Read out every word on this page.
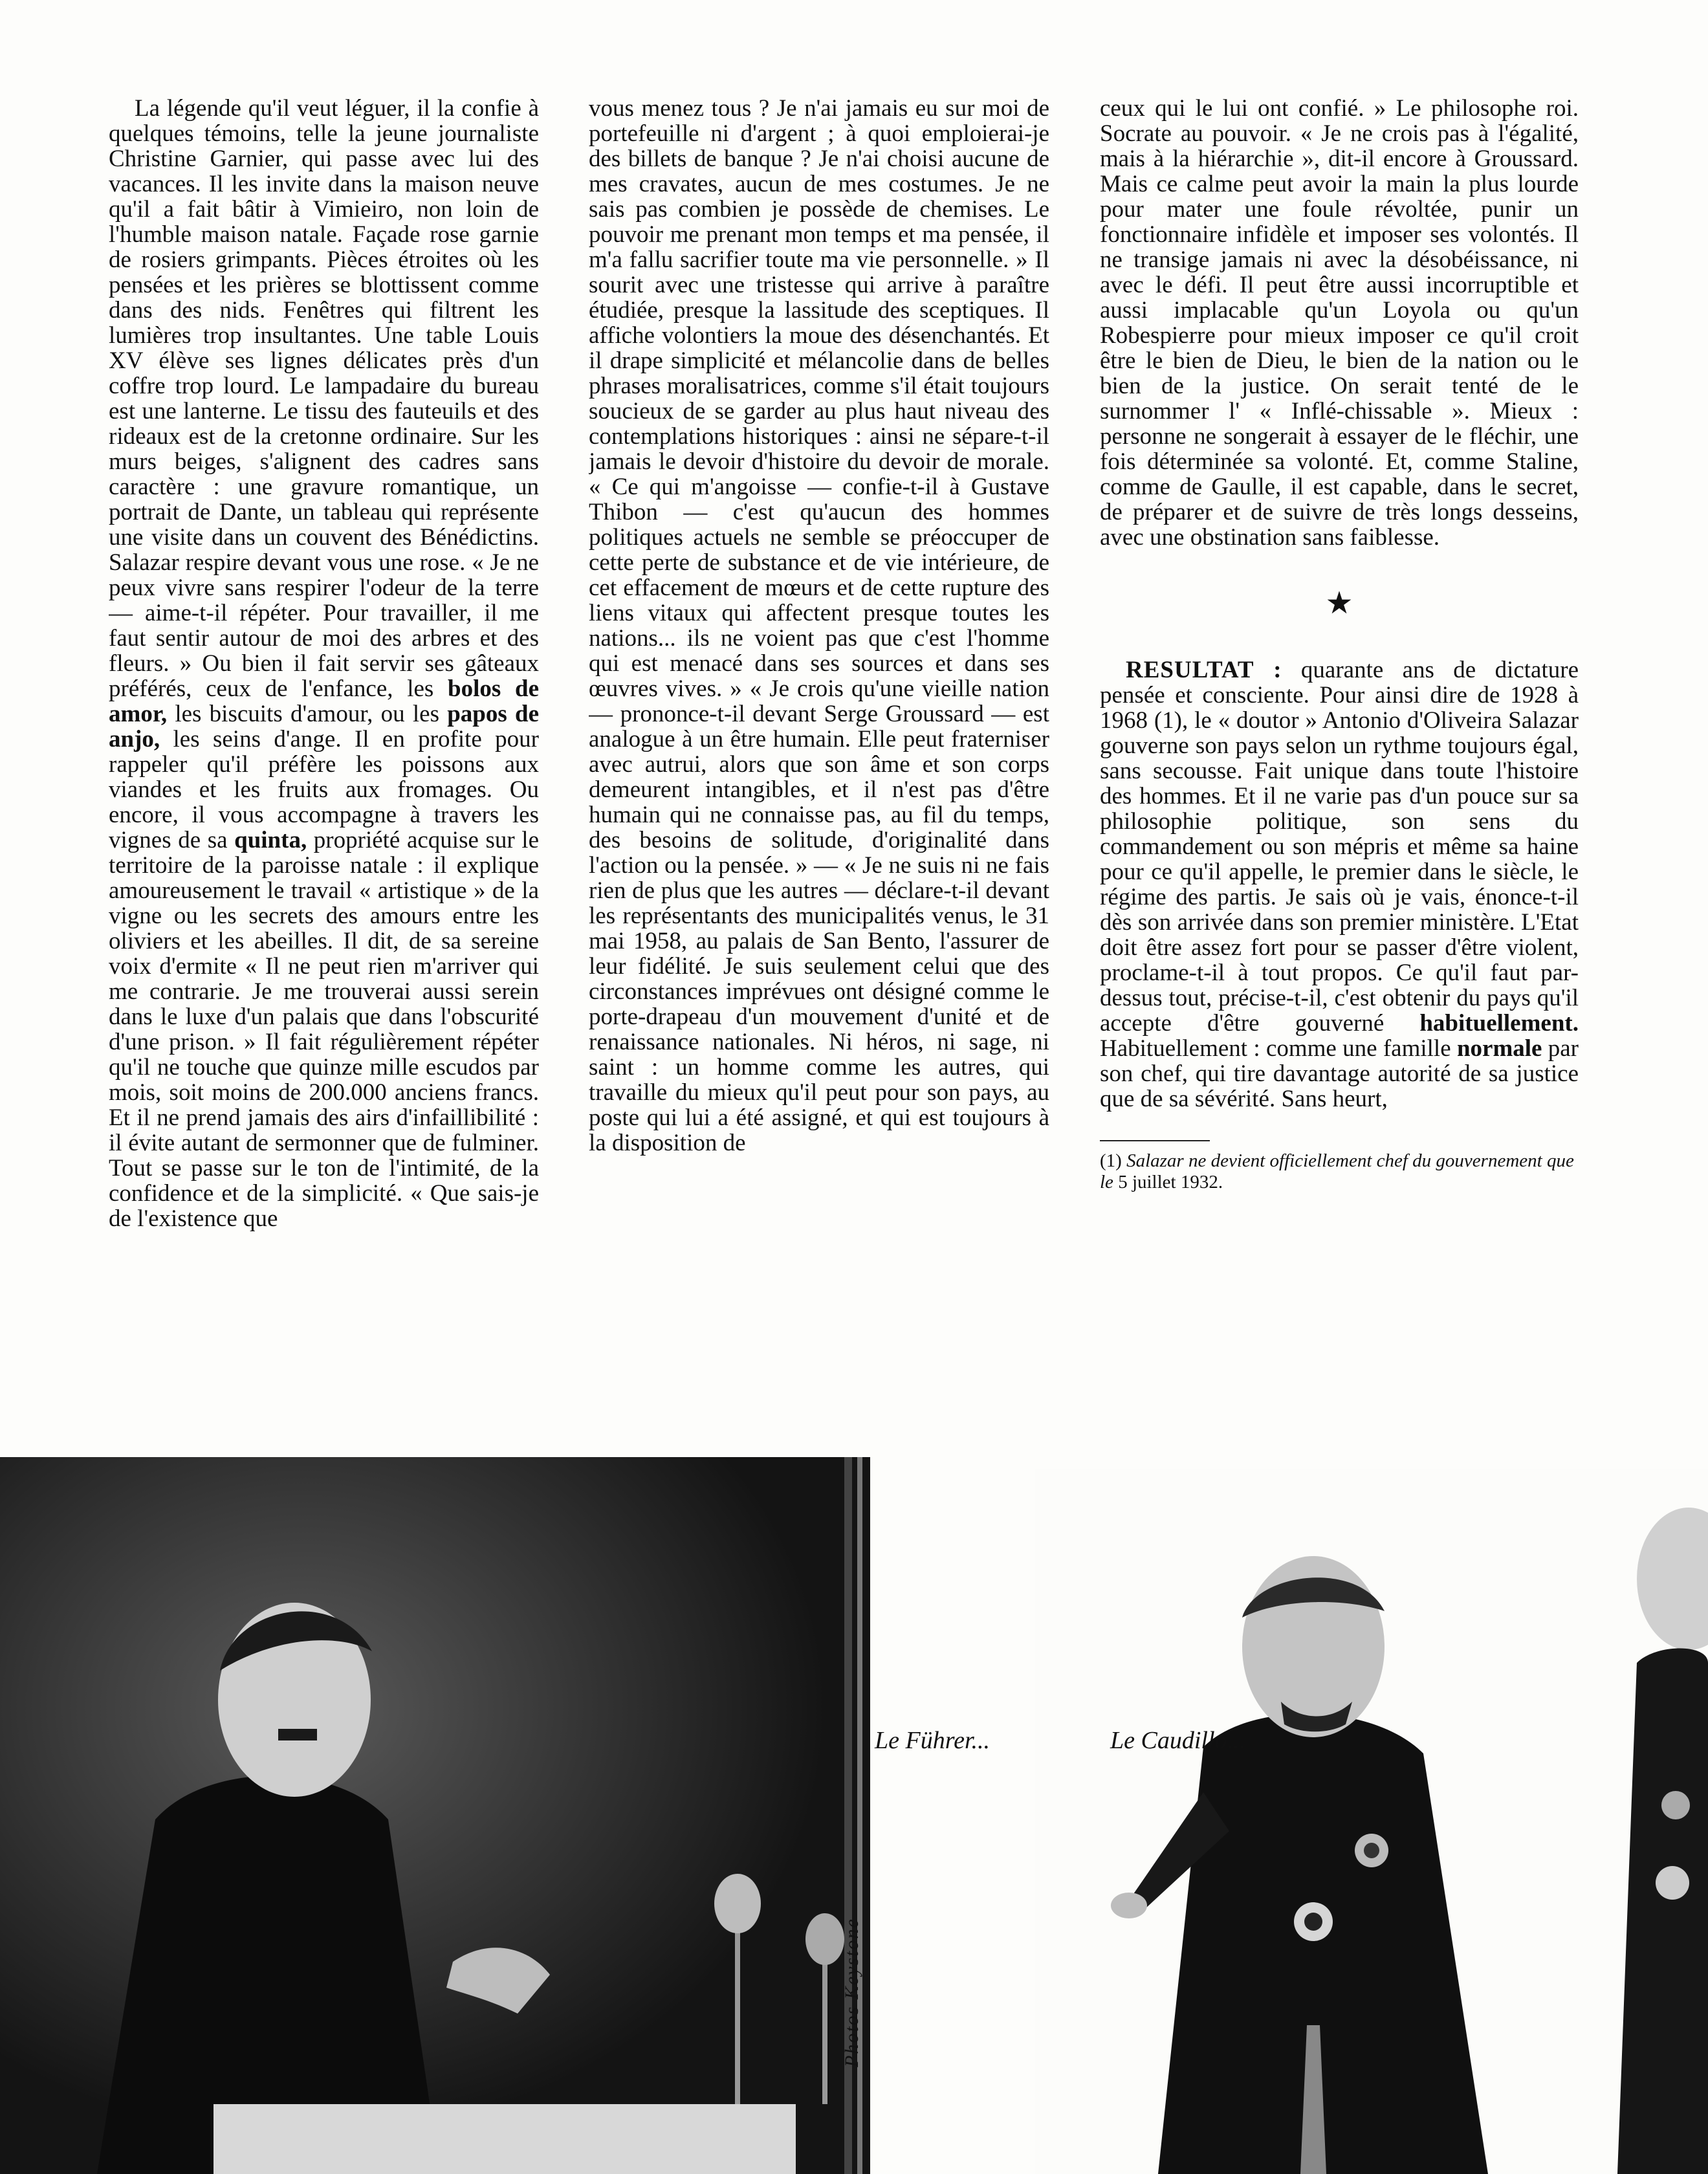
La légende qu'il veut léguer, il la confie à quelques témoins, telle la jeune journaliste Christine Garnier, qui passe avec lui des vacances. Il les invite dans la maison neuve qu'il a fait bâtir à Vimieiro, non loin de l'humble maison natale. Façade rose garnie de rosiers grimpants. Pièces étroites où les pensées et les prières se blottissent comme dans des nids. Fenêtres qui filtrent les lumières trop insultantes. Une table Louis XV élève ses lignes délicates près d'un coffre trop lourd. Le lampadaire du bureau est une lanterne. Le tissu des fauteuils et des rideaux est de la cretonne ordinaire. Sur les murs beiges, s'alignent des cadres sans caractère : une gravure romantique, un portrait de Dante, un tableau qui représente une visite dans un couvent des Bénédictins. Salazar respire devant vous une rose. « Je ne peux vivre sans respirer l'odeur de la terre — aime-t-il répéter. Pour travailler, il me faut sentir autour de moi des arbres et des fleurs. » Ou bien il fait servir ses gâteaux préférés, ceux de l'enfance, les bolos de amor, les biscuits d'amour, ou les papos de anjo, les seins d'ange. Il en profite pour rappeler qu'il préfère les poissons aux viandes et les fruits aux fromages. Ou encore, il vous accompagne à travers les vignes de sa quinta, propriété acquise sur le territoire de la paroisse natale : il explique amoureusement le travail « artistique » de la vigne ou les secrets des amours entre les oliviers et les abeilles. Il dit, de sa sereine voix d'ermite « Il ne peut rien m'arriver qui me contrarie. Je me trouverai aussi serein dans le luxe d'un palais que dans l'obscurité d'une prison. » Il fait régulièrement répéter qu'il ne touche que quinze mille escudos par mois, soit moins de 200.000 anciens francs. Et il ne prend jamais des airs d'infaillibilité : il évite autant de sermonner que de fulminer. Tout se passe sur le ton de l'intimité, de la confidence et de la simplicité. « Que sais-je de l'existence que

vous menez tous ? Je n'ai jamais eu sur moi de portefeuille ni d'argent ; à quoi emploierai-je des billets de banque ? Je n'ai choisi aucune de mes cravates, aucun de mes costumes. Je ne sais pas combien je possède de chemises. Le pouvoir me prenant mon temps et ma pensée, il m'a fallu sacrifier toute ma vie personnelle. » Il sourit avec une tristesse qui arrive à paraître étudiée, presque la lassitude des sceptiques. Il affiche volontiers la moue des désenchantés. Et il drape simplicité et mélancolie dans de belles phrases moralisatrices, comme s'il était toujours soucieux de se garder au plus haut niveau des contemplations historiques : ainsi ne sépare-t-il jamais le devoir d'histoire du devoir de morale. « Ce qui m'angoisse — confie-t-il à Gustave Thibon — c'est qu'aucun des hommes politiques actuels ne semble se préoccuper de cette perte de substance et de vie intérieure, de cet effacement de mœurs et de cette rupture des liens vitaux qui affectent presque toutes les nations... ils ne voient pas que c'est l'homme qui est menacé dans ses sources et dans ses œuvres vives. » « Je crois qu'une vieille nation — prononce-t-il devant Serge Groussard — est analogue à un être humain. Elle peut fraterniser avec autrui, alors que son âme et son corps demeurent intangibles, et il n'est pas d'être humain qui ne connaisse pas, au fil du temps, des besoins de solitude, d'originalité dans l'action ou la pensée. » — « Je ne suis ni ne fais rien de plus que les autres — déclare-t-il devant les représentants des municipalités venus, le 31 mai 1958, au palais de San Bento, l'assurer de leur fidélité. Je suis seulement celui que des circonstances imprévues ont désigné comme le porte-drapeau d'un mouvement d'unité et de renaissance nationales. Ni héros, ni sage, ni saint : un homme comme les autres, qui travaille du mieux qu'il peut pour son pays, au poste qui lui a été assigné, et qui est toujours à la disposition de

ceux qui le lui ont confié. » Le philosophe roi. Socrate au pouvoir. « Je ne crois pas à l'égalité, mais à la hiérarchie », dit-il encore à Groussard. Mais ce calme peut avoir la main la plus lourde pour mater une foule révoltée, punir un fonctionnaire infidèle et imposer ses volontés. Il ne transige jamais ni avec la désobéissance, ni avec le défi. Il peut être aussi incorruptible et aussi implacable qu'un Loyola ou qu'un Robespierre pour mieux imposer ce qu'il croit être le bien de Dieu, le bien de la nation ou le bien de la justice. On serait tenté de le surnommer l' « Inflé-chissable ». Mieux : personne ne songerait à essayer de le fléchir, une fois déterminée sa volonté. Et, comme Staline, comme de Gaulle, il est capable, dans le secret, de préparer et de suivre de très longs desseins, avec une obstination sans faiblesse.

★

RESULTAT : quarante ans de dictature pensée et consciente. Pour ainsi dire de 1928 à 1968 (1), le « doutor » Antonio d'Oliveira Salazar gouverne son pays selon un rythme toujours égal, sans secousse. Fait unique dans toute l'histoire des hommes. Et il ne varie pas d'un pouce sur sa philosophie politique, son sens du commandement ou son mépris et même sa haine pour ce qu'il appelle, le premier dans le siècle, le régime des partis. Je sais où je vais, énonce-t-il dès son arrivée dans son premier ministère. L'Etat doit être assez fort pour se passer d'être violent, proclame-t-il à tout propos. Ce qu'il faut par-dessus tout, précise-t-il, c'est obtenir du pays qu'il accepte d'être gouverné habituellement. Habituellement : comme une famille normale par son chef, qui tire davantage autorité de sa justice que de sa sévérité. Sans heurt,

(1) Salazar ne devient officiellement chef du gouvernement que le 5 juillet 1932.

Le Führer...
Photos Keystone
Le Caudillo...
